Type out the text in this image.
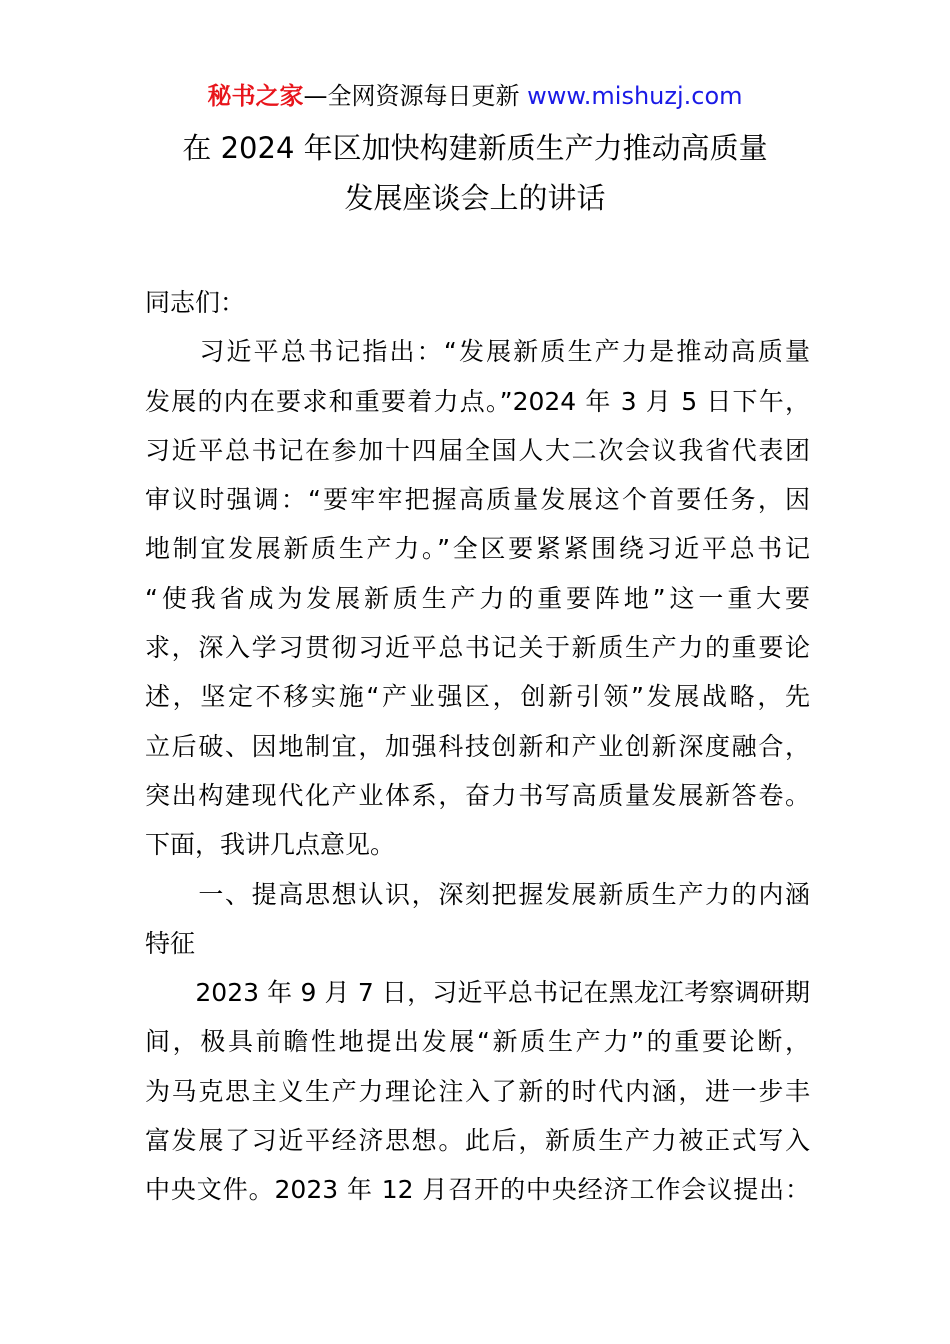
秘书之家—全网资源每日更新 www.mishuzj.com
在 2024 年区加快构建新质生产力推动高质量
发展座谈会上的讲话
同志们：
　　习近平总书记指出：“发展新质生产力是推动高质量
发展的内在要求和重要着力点。”2024 年 3 月 5 日下午，
习近平总书记在参加十四届全国人大二次会议我省代表团
审议时强调：“要牢牢把握高质量发展这个首要任务，因
地制宜发展新质生产力。”全区要紧紧围绕习近平总书记
“使我省成为发展新质生产力的重要阵地”这一重大要
求，深入学习贯彻习近平总书记关于新质生产力的重要论
述，坚定不移实施“产业强区，创新引领”发展战略，先
立后破、因地制宜，加强科技创新和产业创新深度融合，
突出构建现代化产业体系，奋力书写高质量发展新答卷。
下面，我讲几点意见。
　　一、提高思想认识，深刻把握发展新质生产力的内涵
特征
　　2023 年 9 月 7 日，习近平总书记在黑龙江考察调研期
间，极具前瞻性地提出发展“新质生产力”的重要论断，
为马克思主义生产力理论注入了新的时代内涵，进一步丰
富发展了习近平经济思想。此后，新质生产力被正式写入
中央文件。2023 年 12 月召开的中央经济工作会议提出：
